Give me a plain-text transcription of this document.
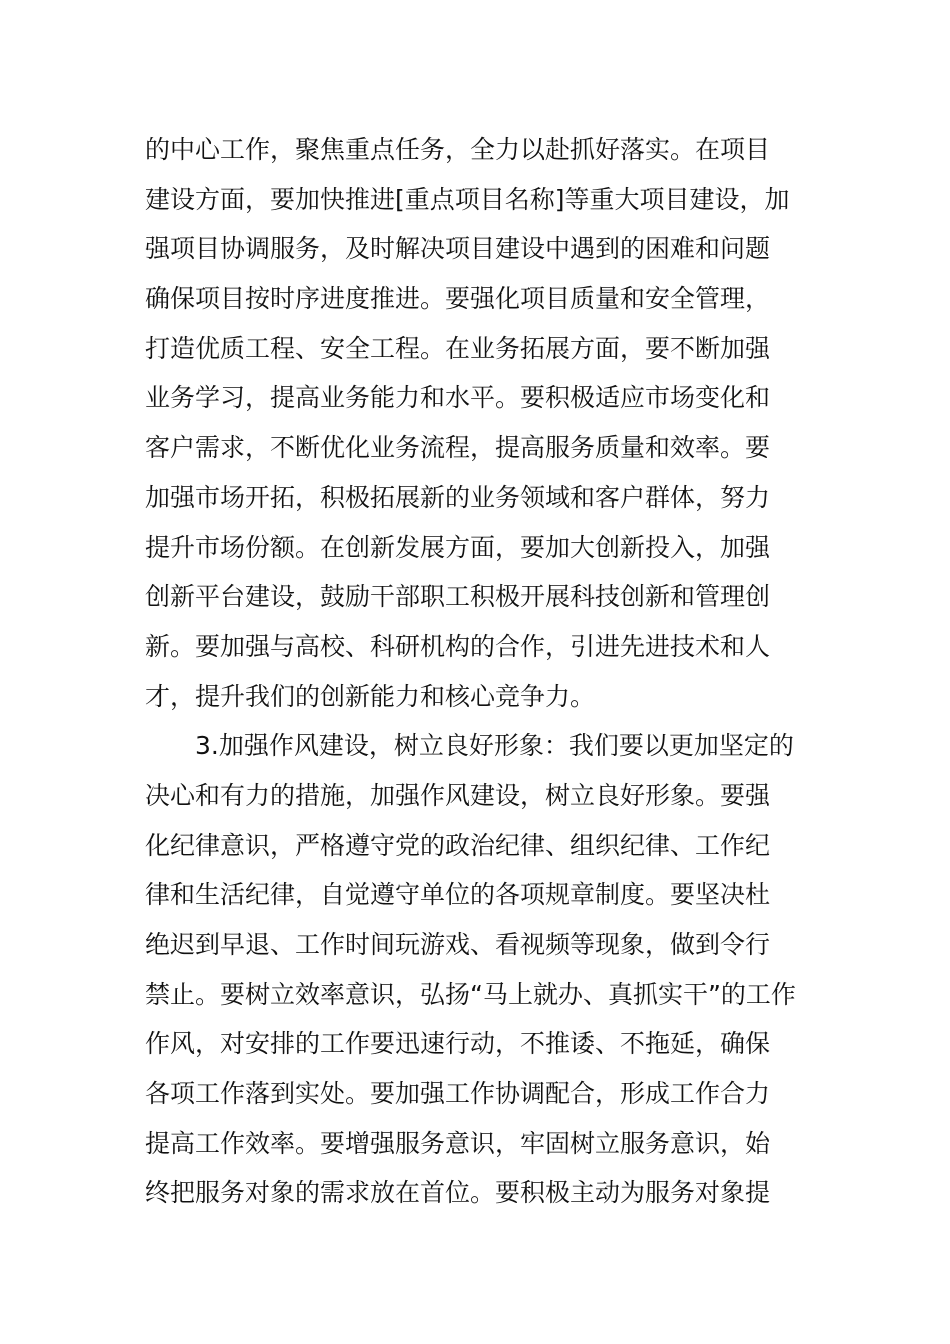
的中心工作，聚焦重点任务，全力以赴抓好落实。在项目
建设方面，要加快推进[重点项目名称]等重大项目建设，加
强项目协调服务，及时解决项目建设中遇到的困难和问题
确保项目按时序进度推进。要强化项目质量和安全管理，
打造优质工程、安全工程。在业务拓展方面，要不断加强
业务学习，提高业务能力和水平。要积极适应市场变化和
客户需求，不断优化业务流程，提高服务质量和效率。要
加强市场开拓，积极拓展新的业务领域和客户群体，努力
提升市场份额。在创新发展方面，要加大创新投入，加强
创新平台建设，鼓励干部职工积极开展科技创新和管理创
新。要加强与高校、科研机构的合作，引进先进技术和人
才，提升我们的创新能力和核心竞争力。
3.加强作风建设，树立良好形象：我们要以更加坚定的
决心和有力的措施，加强作风建设，树立良好形象。要强
化纪律意识，严格遵守党的政治纪律、组织纪律、工作纪
律和生活纪律，自觉遵守单位的各项规章制度。要坚决杜
绝迟到早退、工作时间玩游戏、看视频等现象，做到令行
禁止。要树立效率意识，弘扬“马上就办、真抓实干”的工作
作风，对安排的工作要迅速行动，不推诿、不拖延，确保
各项工作落到实处。要加强工作协调配合，形成工作合力
提高工作效率。要增强服务意识，牢固树立服务意识，始
终把服务对象的需求放在首位。要积极主动为服务对象提
